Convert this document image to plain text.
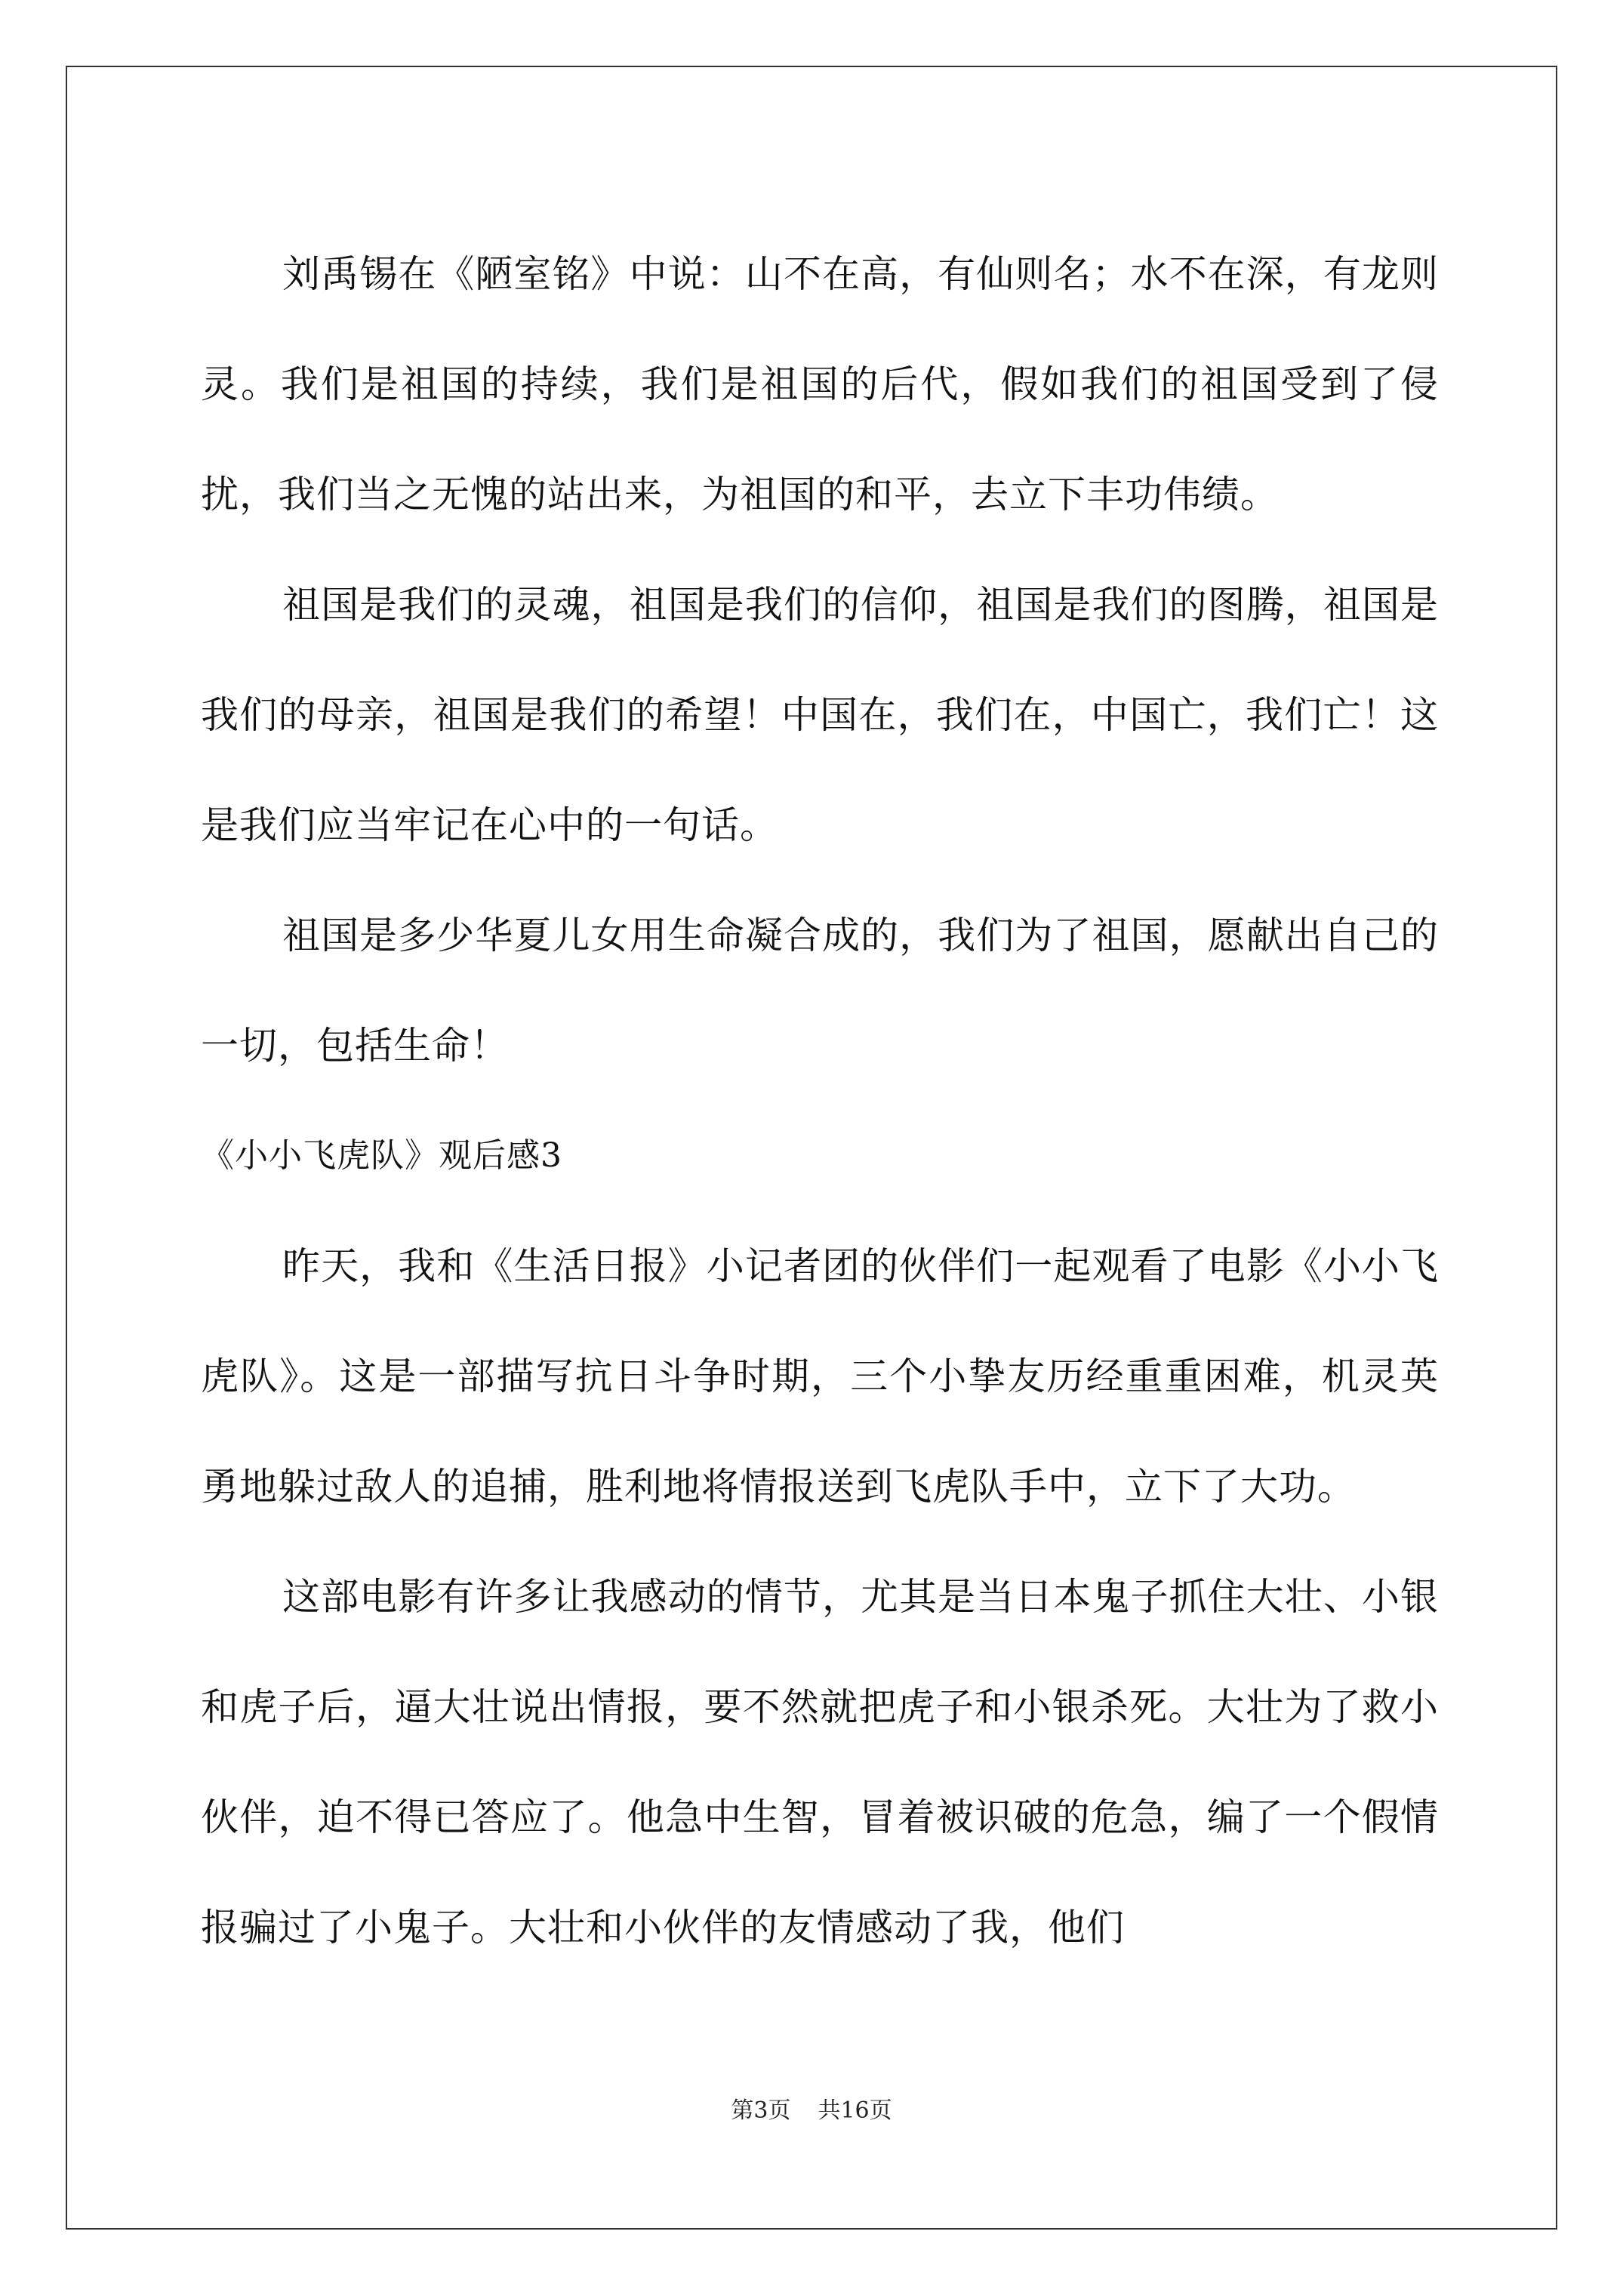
刘禹锡在《陋室铭》中说：山不在高，有仙则名；水不在深，有龙则灵。我们是祖国的持续，我们是祖国的后代，假如我们的祖国受到了侵扰，我们当之无愧的站出来，为祖国的和平，去立下丰功伟绩。

祖国是我们的灵魂，祖国是我们的信仰，祖国是我们的图腾，祖国是我们的母亲，祖国是我们的希望！中国在，我们在，中国亡，我们亡！这是我们应当牢记在心中的一句话。

祖国是多少华夏儿女用生命凝合成的，我们为了祖国，愿献出自己的一切，包括生命！

《小小飞虎队》观后感3

昨天，我和《生活日报》小记者团的伙伴们一起观看了电影《小小飞虎队》。这是一部描写抗日斗争时期，三个小挚友历经重重困难，机灵英勇地躲过敌人的追捕，胜利地将情报送到飞虎队手中，立下了大功。

这部电影有许多让我感动的情节，尤其是当日本鬼子抓住大壮、小银和虎子后，逼大壮说出情报，要不然就把虎子和小银杀死。大壮为了救小伙伴，迫不得已答应了。他急中生智，冒着被识破的危急，编了一个假情报骗过了小鬼子。大壮和小伙伴的友情感动了我，他们

第3页 共16页
